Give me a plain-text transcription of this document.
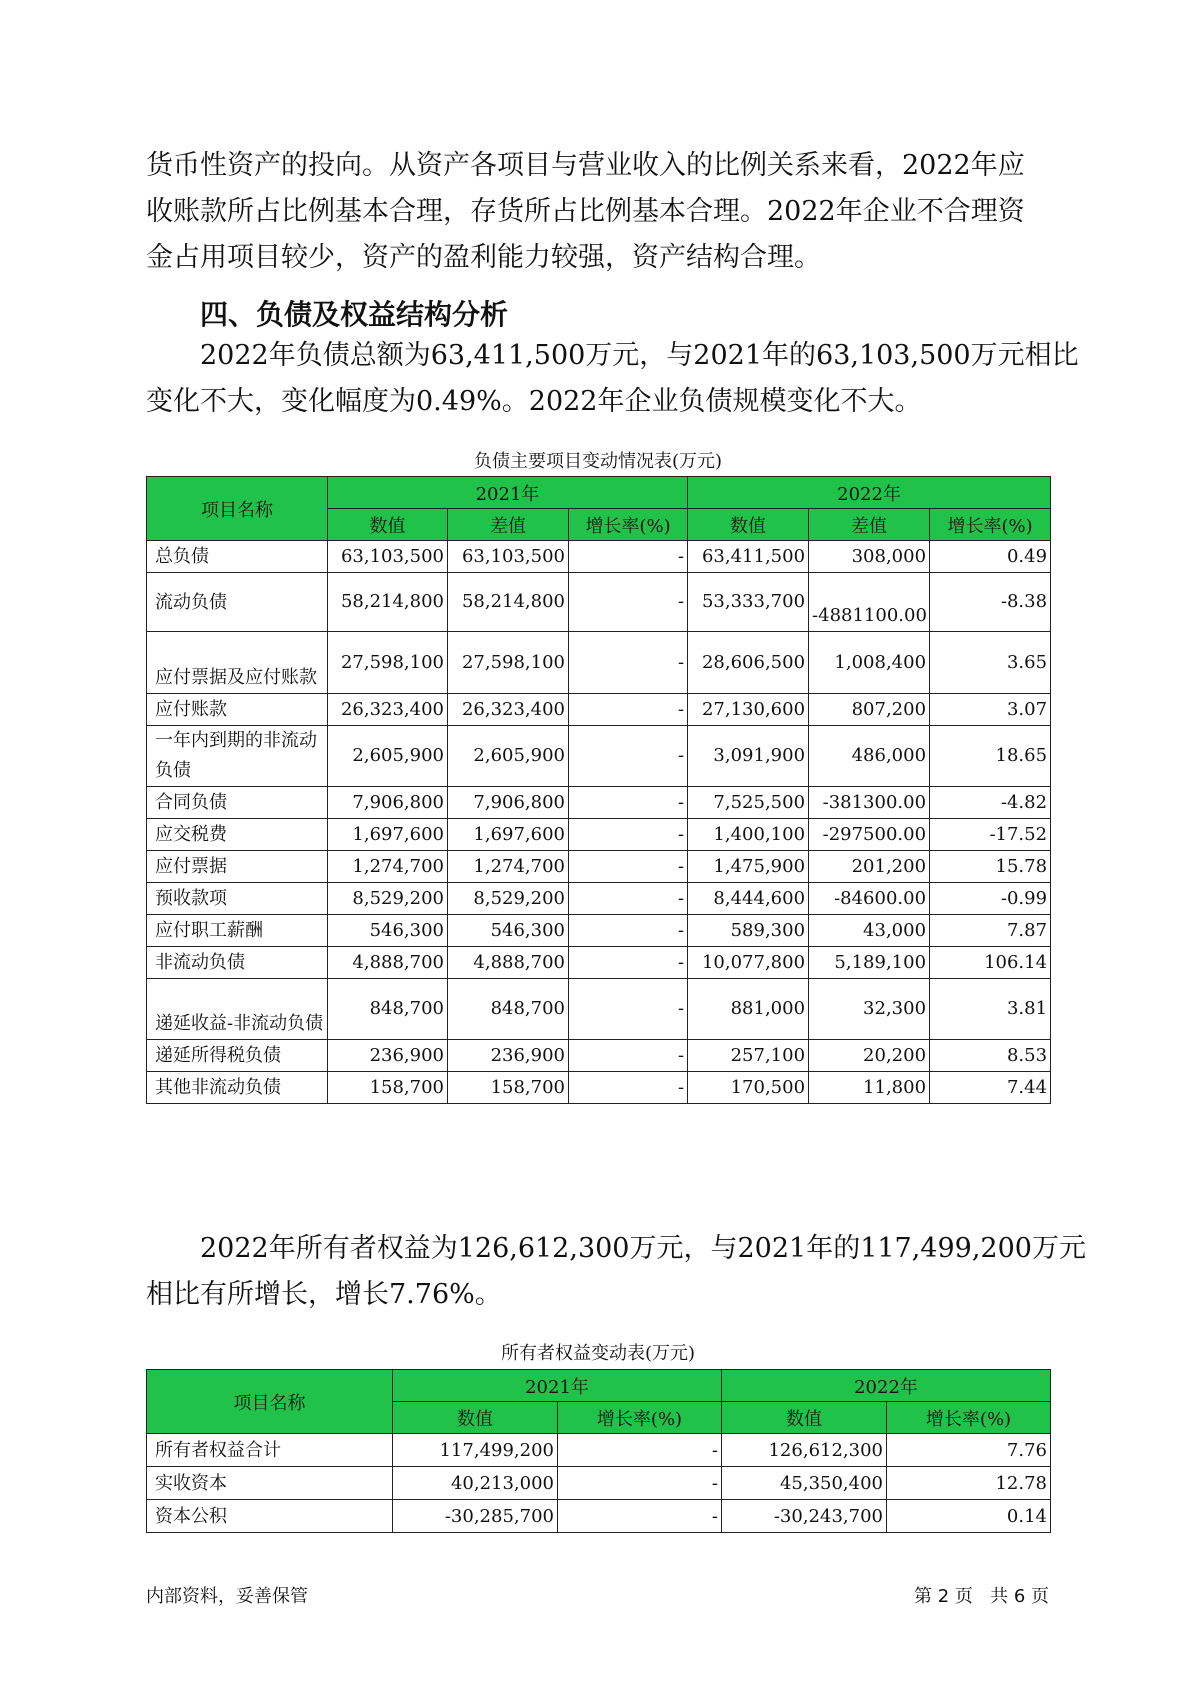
货币性资产的投向。从资产各项目与营业收入的比例关系来看，2022年应
收账款所占比例基本合理，存货所占比例基本合理。2022年企业不合理资
金占用项目较少，资产的盈利能力较强，资产结构合理。

四、负债及权益结构分析

2022年负债总额为63,411,500万元，与2021年的63,103,500万元相比
变化不大，变化幅度为0.49%。2022年企业负债规模变化不大。

负债主要项目变动情况表(万元)
项目名称	2021年			2022年		
	数值	差值	增长率(%)	数值	差值	增长率(%)
总负债	63,103,500	63,103,500	-	63,411,500	308,000	0.49
流动负债	58,214,800	58,214,800	-	53,333,700	-4881100.00	-8.38
应付票据及应付账款	27,598,100	27,598,100	-	28,606,500	1,008,400	3.65
应付账款	26,323,400	26,323,400	-	27,130,600	807,200	3.07
一年内到期的非流动负债	2,605,900	2,605,900	-	3,091,900	486,000	18.65
合同负债	7,906,800	7,906,800	-	7,525,500	-381300.00	-4.82
应交税费	1,697,600	1,697,600	-	1,400,100	-297500.00	-17.52
应付票据	1,274,700	1,274,700	-	1,475,900	201,200	15.78
预收款项	8,529,200	8,529,200	-	8,444,600	-84600.00	-0.99
应付职工薪酬	546,300	546,300	-	589,300	43,000	7.87
非流动负债	4,888,700	4,888,700	-	10,077,800	5,189,100	106.14
递延收益-非流动负债	848,700	848,700	-	881,000	32,300	3.81
递延所得税负债	236,900	236,900	-	257,100	20,200	8.53
其他非流动负债	158,700	158,700	-	170,500	11,800	7.44

2022年所有者权益为126,612,300万元，与2021年的117,499,200万元
相比有所增长，增长7.76%。

所有者权益变动表(万元)
项目名称	2021年		2022年	
	数值	增长率(%)	数值	增长率(%)
所有者权益合计	117,499,200	-	126,612,300	7.76
实收资本	40,213,000	-	45,350,400	12.78
资本公积	-30,285,700	-	-30,243,700	0.14
内部资料，妥善保管	第 2 页   共 6 页
